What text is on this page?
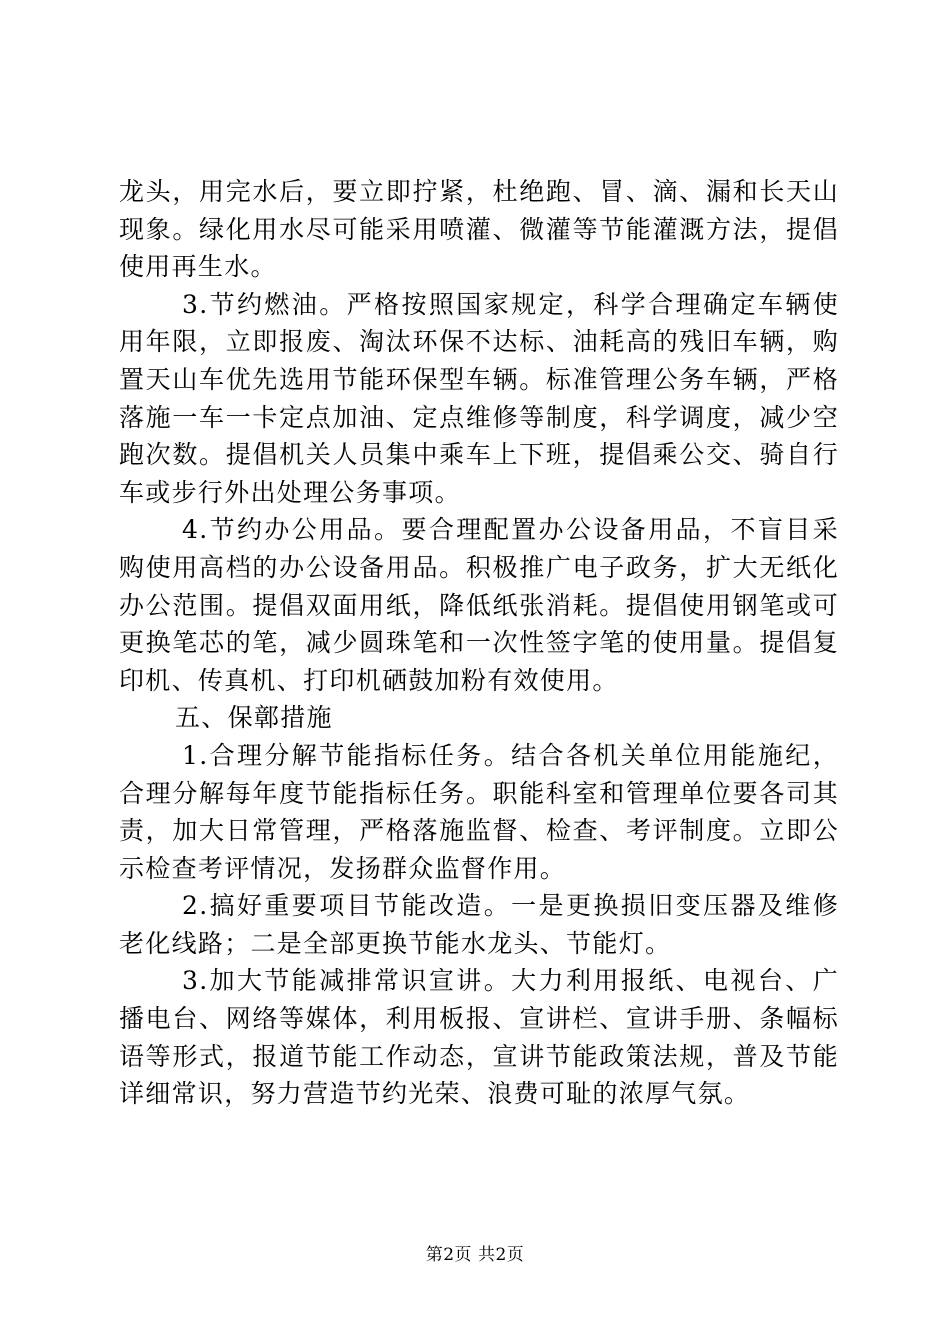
龙头，用完水后，要立即拧紧，杜绝跑、冒、滴、漏和长天山现象。绿化用水尽可能采用喷灌、微灌等节能灌溉方法，提倡使用再生水。

3.节约燃油。严格按照国家规定，科学合理确定车辆使用年限，立即报废、淘汰环保不达标、油耗高的残旧车辆，购置天山车优先选用节能环保型车辆。标准管理公务车辆，严格落施一车一卡定点加油、定点维修等制度，科学调度，减少空跑次数。提倡机关人员集中乘车上下班，提倡乘公交、骑自行车或步行外出处理公务事项。

4.节约办公用品。要合理配置办公设备用品，不盲目采购使用高档的办公设备用品。积极推广电子政务，扩大无纸化办公范围。提倡双面用纸，降低纸张消耗。提倡使用钢笔或可更换笔芯的笔，减少圆珠笔和一次性签字笔的使用量。提倡复印机、传真机、打印机硒鼓加粉有效使用。

五、保鄣措施

1.合理分解节能指标任务。结合各机关单位用能施纪，合理分解每年度节能指标任务。职能科室和管理单位要各司其责，加大日常管理，严格落施监督、检查、考评制度。立即公示检查考评情况，发扬群众监督作用。

2.搞好重要项目节能改造。一是更换损旧变压器及维修老化线路；二是全部更换节能水龙头、节能灯。

3.加大节能减排常识宣讲。大力利用报纸、电视台、广播电台、网络等媒体，利用板报、宣讲栏、宣讲手册、条幅标语等形式，报道节能工作动态，宣讲节能政策法规，普及节能详细常识，努力营造节约光荣、浪费可耻的浓厚气氛。

第2页 共2页
